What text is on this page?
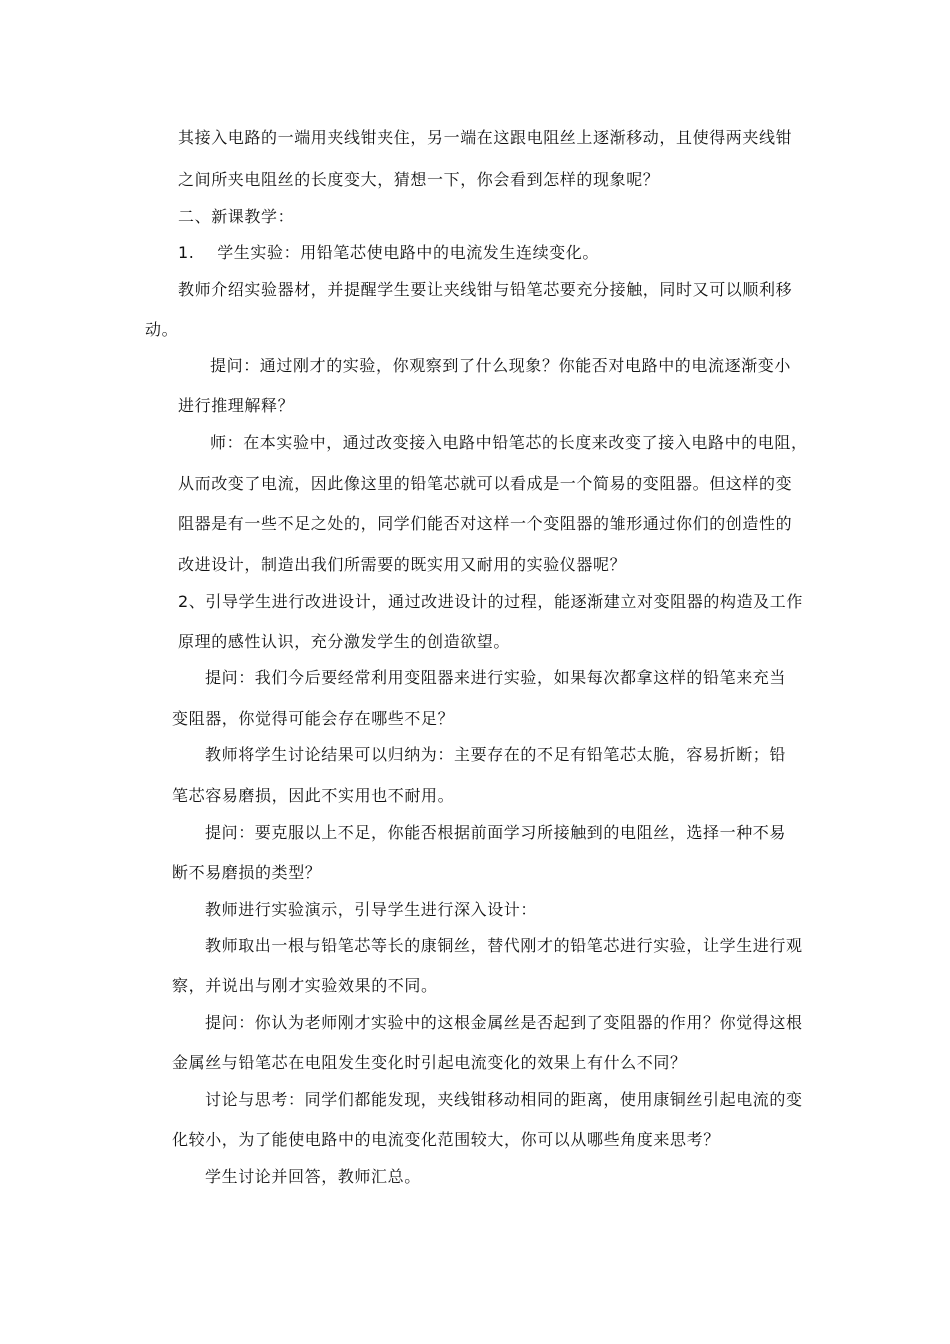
其接入电路的一端用夹线钳夹住，另一端在这跟电阻丝上逐渐移动，且使得两夹线钳
之间所夹电阻丝的长度变大，猜想一下，你会看到怎样的现象呢？
二、新课教学：
1.    学生实验：用铅笔芯使电路中的电流发生连续变化。
教师介绍实验器材，并提醒学生要让夹线钳与铅笔芯要充分接触，同时又可以顺利移
动。
提问：通过刚才的实验，你观察到了什么现象？你能否对电路中的电流逐渐变小
进行推理解释？
师：在本实验中，通过改变接入电路中铅笔芯的长度来改变了接入电路中的电阻，
从而改变了电流，因此像这里的铅笔芯就可以看成是一个简易的变阻器。但这样的变
阻器是有一些不足之处的，同学们能否对这样一个变阻器的雏形通过你们的创造性的
改进设计，制造出我们所需要的既实用又耐用的实验仪器呢？
2、引导学生进行改进设计，通过改进设计的过程，能逐渐建立对变阻器的构造及工作
原理的感性认识，充分激发学生的创造欲望。
提问：我们今后要经常利用变阻器来进行实验，如果每次都拿这样的铅笔来充当
变阻器，你觉得可能会存在哪些不足？
教师将学生讨论结果可以归纳为：主要存在的不足有铅笔芯太脆，容易折断；铅
笔芯容易磨损，因此不实用也不耐用。
提问：要克服以上不足，你能否根据前面学习所接触到的电阻丝，选择一种不易
断不易磨损的类型？
教师进行实验演示，引导学生进行深入设计：
教师取出一根与铅笔芯等长的康铜丝，替代刚才的铅笔芯进行实验，让学生进行观
察，并说出与刚才实验效果的不同。
提问：你认为老师刚才实验中的这根金属丝是否起到了变阻器的作用？你觉得这根
金属丝与铅笔芯在电阻发生变化时引起电流变化的效果上有什么不同？
讨论与思考：同学们都能发现，夹线钳移动相同的距离，使用康铜丝引起电流的变
化较小，为了能使电路中的电流变化范围较大，你可以从哪些角度来思考？
学生讨论并回答，教师汇总。
